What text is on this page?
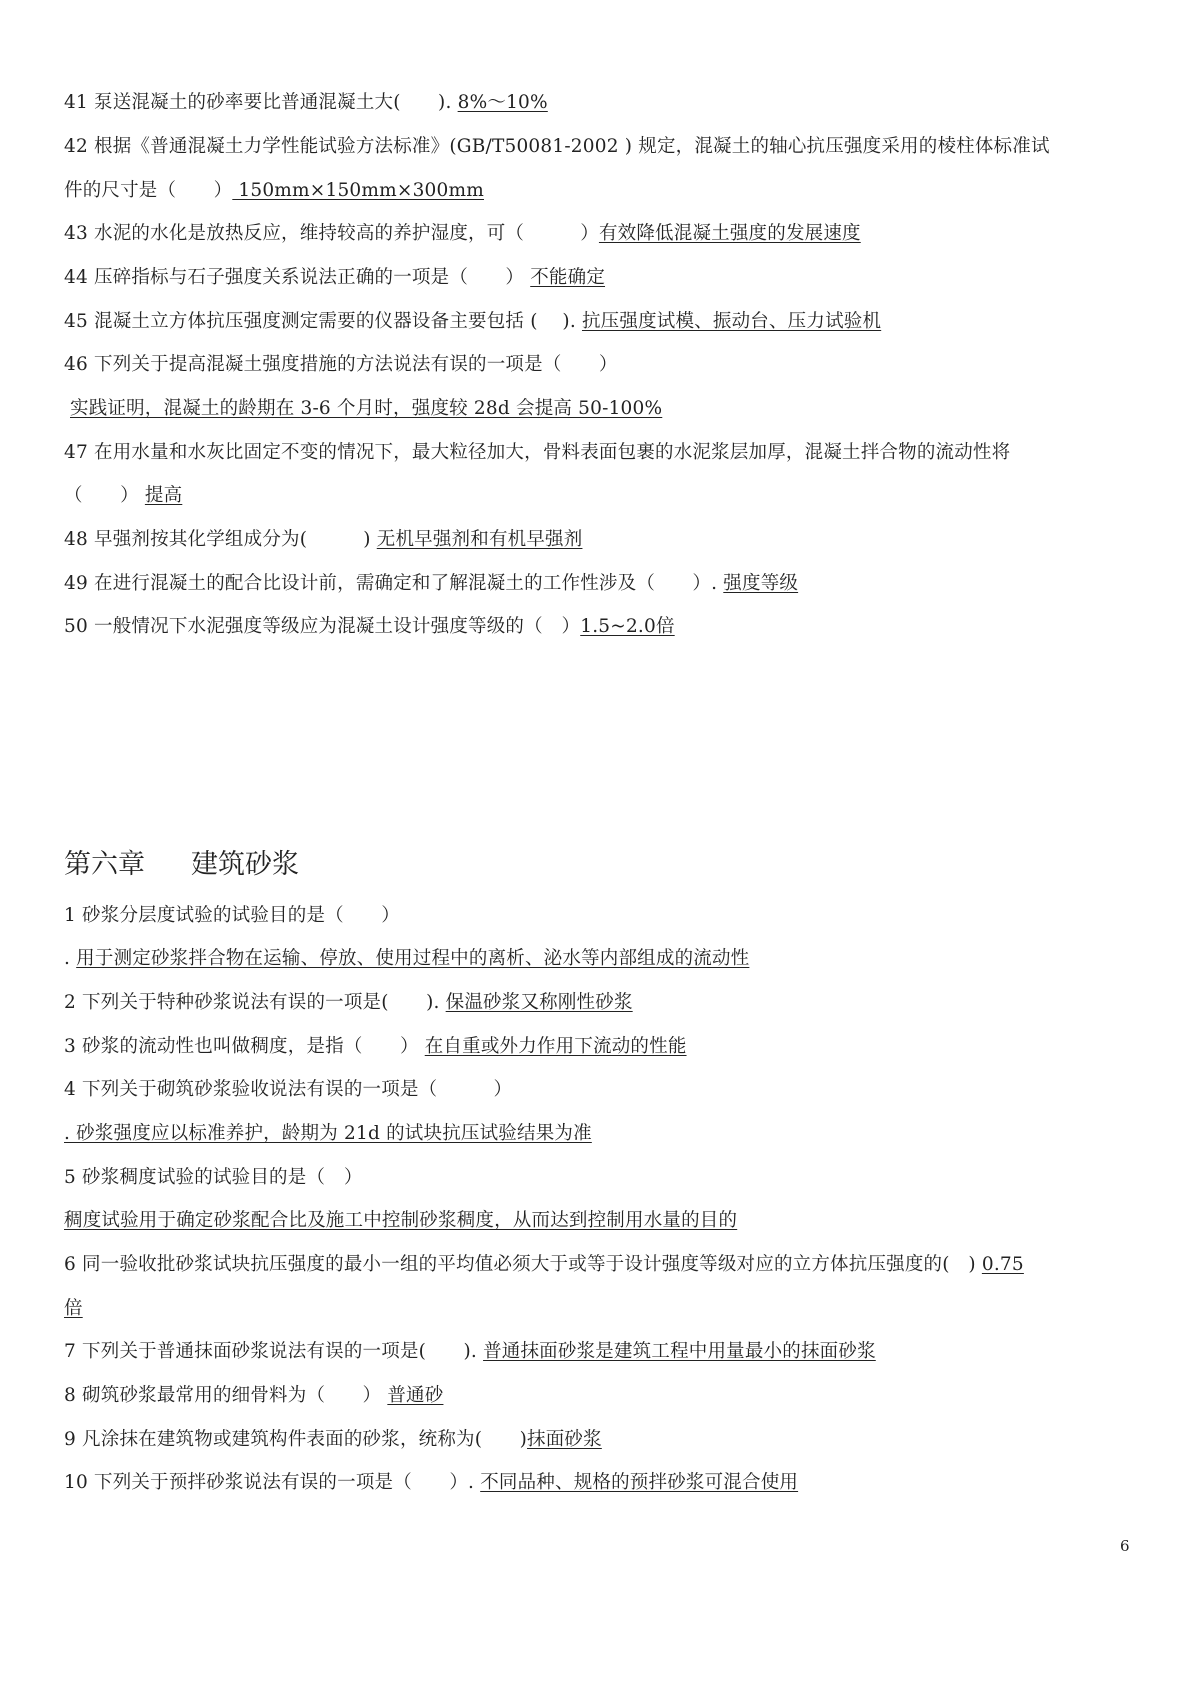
41 泵送混凝土的砂率要比普通混凝土大(　　). 8%～10%
42 根据《普通混凝土力学性能试验方法标准》(GB/T50081-2002 ) 规定，混凝土的轴心抗压强度采用的棱柱体标准试
件的尺寸是（　　） 150mm×150mm×300mm
43 水泥的水化是放热反应，维持较高的养护湿度，可（　　　）有效降低混凝土强度的发展速度
44 压碎指标与石子强度关系说法正确的一项是（　　） 不能确定
45 混凝土立方体抗压强度测定需要的仪器设备主要包括 (　 ). 抗压强度试模、振动台、压力试验机
46 下列关于提高混凝土强度措施的方法说法有误的一项是（　　）
实践证明，混凝土的龄期在 3-6 个月时，强度较 28d 会提高 50-100%
47 在用水量和水灰比固定不变的情况下，最大粒径加大，骨料表面包裹的水泥浆层加厚，混凝土拌合物的流动性将
（　　） 提高
48 早强剂按其化学组成分为(　　　) 无机早强剂和有机早强剂
49 在进行混凝土的配合比设计前，需确定和了解混凝土的工作性涉及（　　）. 强度等级
50 一般情况下水泥强度等级应为混凝土设计强度等级的（　）1.5~2.0倍
第六章 建筑砂浆
1 砂浆分层度试验的试验目的是（　　）
. 用于测定砂浆拌合物在运输、停放、使用过程中的离析、泌水等内部组成的流动性
2 下列关于特种砂浆说法有误的一项是(　　). 保温砂浆又称刚性砂浆
3 砂浆的流动性也叫做稠度，是指（　　） 在自重或外力作用下流动的性能
4 下列关于砌筑砂浆验收说法有误的一项是（　　　）
. 砂浆强度应以标准养护，龄期为 21d 的试块抗压试验结果为准
5 砂浆稠度试验的试验目的是（　）
稠度试验用于确定砂浆配合比及施工中控制砂浆稠度，从而达到控制用水量的目的
6 同一验收批砂浆试块抗压强度的最小一组的平均值必须大于或等于设计强度等级对应的立方体抗压强度的(　) 0.75
倍
7 下列关于普通抹面砂浆说法有误的一项是(　　). 普通抹面砂浆是建筑工程中用量最小的抹面砂浆
8 砌筑砂浆最常用的细骨料为（　　） 普通砂
9 凡涂抹在建筑物或建筑构件表面的砂浆，统称为(　　)抹面砂浆
10 下列关于预拌砂浆说法有误的一项是（　　）. 不同品种、规格的预拌砂浆可混合使用
6
